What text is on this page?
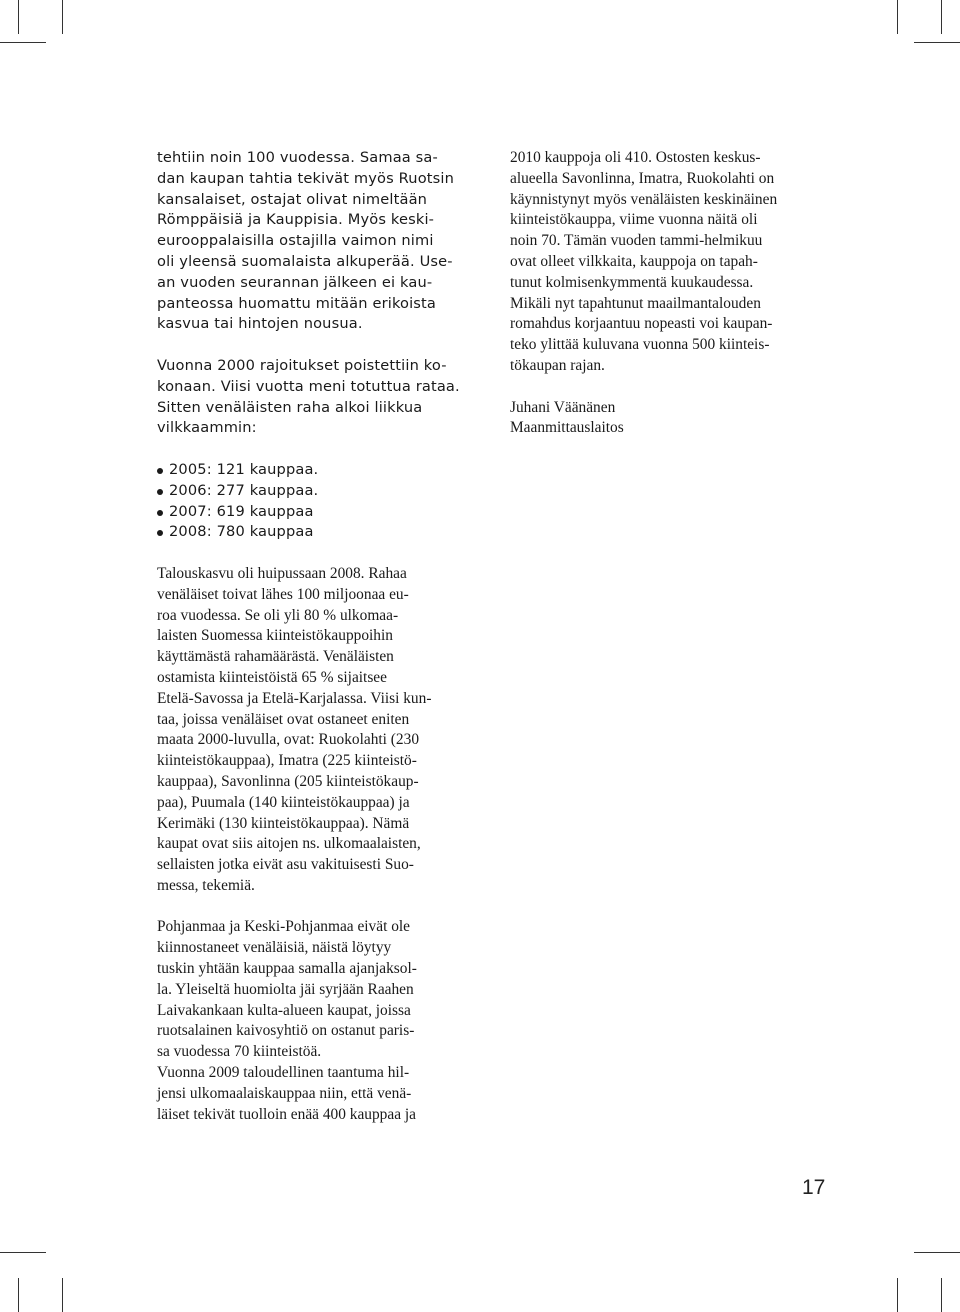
tehtiin noin 100 vuodessa. Samaa sa-
dan kaupan tahtia tekivät myös Ruotsin
kansalaiset, ostajat olivat nimeltään
Römppäisiä ja Kauppisia. Myös keski-
eurooppalaisilla ostajilla vaimon nimi
oli yleensä suomalaista alkuperää. Use-
an vuoden seurannan jälkeen ei kau-
panteossa huomattu mitään erikoista
kasvua tai hintojen nousua.

Vuonna 2000 rajoitukset poistettiin ko-
konaan. Viisi vuotta meni totuttua rataa.
Sitten venäläisten raha alkoi liikkua
vilkkaammin:

2005: 121 kauppaa.
2006: 277 kauppaa.
2007: 619 kauppaa
2008: 780 kauppaa

Talouskasvu oli huipussaan 2008. Rahaa
venäläiset toivat lähes 100 miljoonaa eu-
roa vuodessa. Se oli yli 80 % ulkomaa-
laisten Suomessa kiinteistökauppoihin
käyttämästä rahamäärästä. Venäläisten
ostamista kiinteistöistä 65 % sijaitsee
Etelä-Savossa ja Etelä-Karjalassa. Viisi kun-
taa, joissa venäläiset ovat ostaneet eniten
maata 2000-luvulla, ovat: Ruokolahti (230
kiinteistökauppaa), Imatra (225 kiinteistö-
kauppaa), Savonlinna (205 kiinteistökaup-
paa), Puumala (140 kiinteistökauppaa) ja
Kerimäki (130 kiinteistökauppaa). Nämä
kaupat ovat siis aitojen ns. ulkomaalaisten,
sellaisten jotka eivät asu vakituisesti Suo-
messa, tekemiä.

Pohjanmaa ja Keski-Pohjanmaa eivät ole
kiinnostaneet venäläisiä, näistä löytyy
tuskin yhtään kauppaa samalla ajanjaksol-
la. Yleiseltä huomiolta jäi syrjään Raahen
Laivakankaan kulta-alueen kaupat, joissa
ruotsalainen kaivosyhtiö on ostanut paris-
sa vuodessa 70 kiinteistöä.

Vuonna 2009 taloudellinen taantuma hil-
jensi ulkomaalaiskauppaa niin, että venä-
läiset tekivät tuolloin enää 400 kauppaa ja

2010 kauppoja oli 410. Ostosten keskus-
alueella Savonlinna, Imatra, Ruokolahti on
käynnistynyt myös venäläisten keskinäinen
kiinteistökauppa, viime vuonna näitä oli
noin 70. Tämän vuoden tammi-helmikuu
ovat olleet vilkkaita, kauppoja on tapah-
tunut kolmisenkymmentä kuukaudessa.
Mikäli nyt tapahtunut maailmantalouden
romahdus korjaantuu nopeasti voi kaupan-
teko ylittää kuluvana vuonna 500 kiinteis-
tökaupan rajan.

Juhani Väänänen

Maanmittauslaitos

17
